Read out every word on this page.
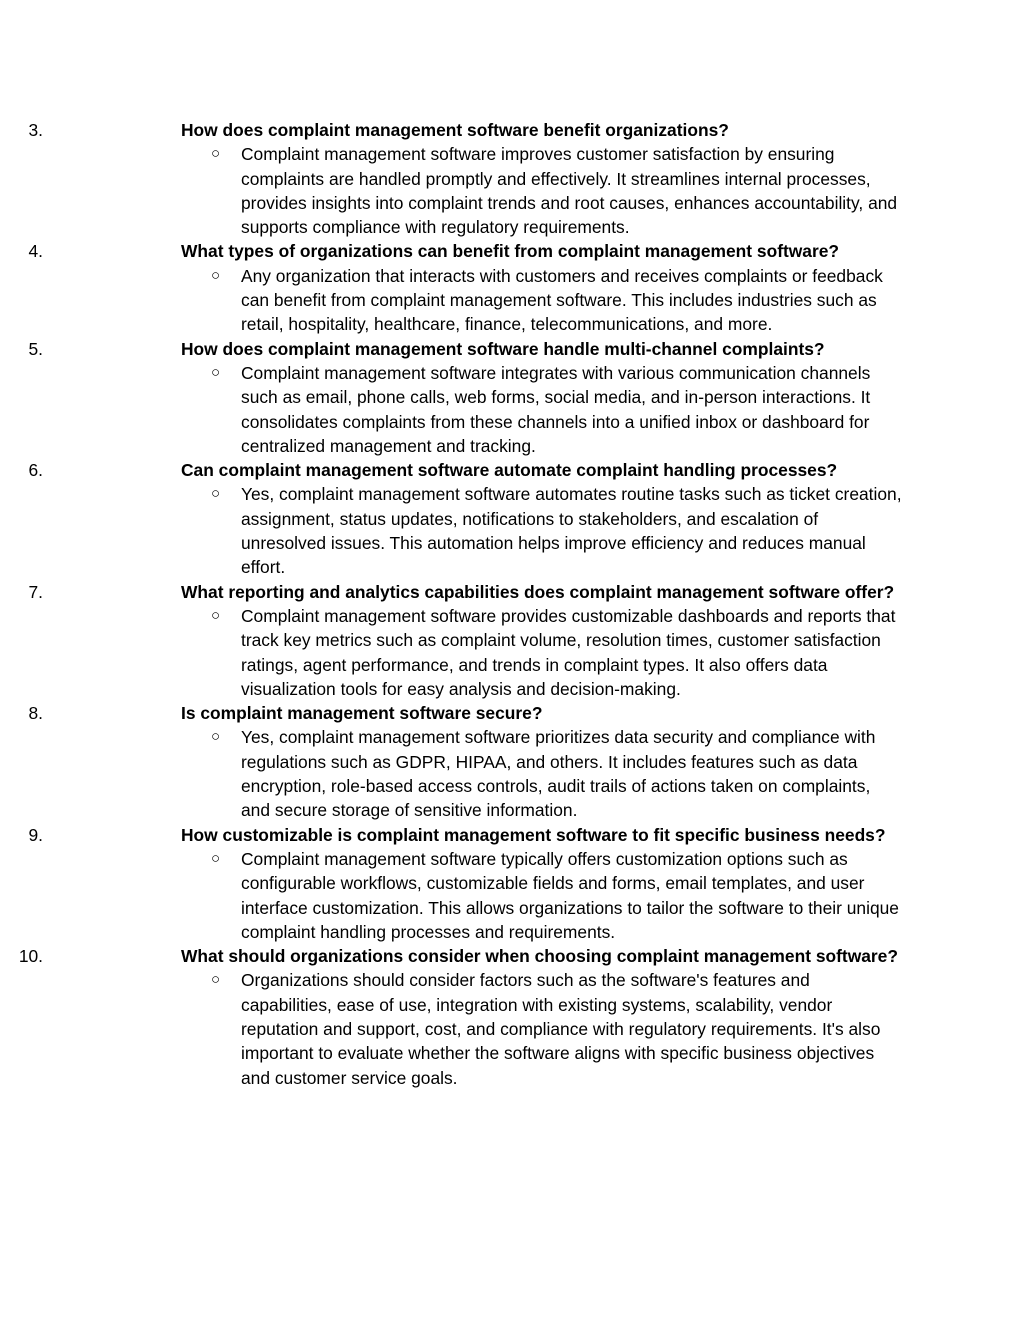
3.	How does complaint management software benefit organizations?
○ Complaint management software improves customer satisfaction by ensuring complaints are handled promptly and effectively. It streamlines internal processes, provides insights into complaint trends and root causes, enhances accountability, and supports compliance with regulatory requirements.
4.	What types of organizations can benefit from complaint management software?
○ Any organization that interacts with customers and receives complaints or feedback can benefit from complaint management software. This includes industries such as retail, hospitality, healthcare, finance, telecommunications, and more.
5.	How does complaint management software handle multi-channel complaints?
○ Complaint management software integrates with various communication channels such as email, phone calls, web forms, social media, and in-person interactions. It consolidates complaints from these channels into a unified inbox or dashboard for centralized management and tracking.
6.	Can complaint management software automate complaint handling processes?
○ Yes, complaint management software automates routine tasks such as ticket creation, assignment, status updates, notifications to stakeholders, and escalation of unresolved issues. This automation helps improve efficiency and reduces manual effort.
7.	What reporting and analytics capabilities does complaint management software offer?
○ Complaint management software provides customizable dashboards and reports that track key metrics such as complaint volume, resolution times, customer satisfaction ratings, agent performance, and trends in complaint types. It also offers data visualization tools for easy analysis and decision-making.
8.	Is complaint management software secure?
○ Yes, complaint management software prioritizes data security and compliance with regulations such as GDPR, HIPAA, and others. It includes features such as data encryption, role-based access controls, audit trails of actions taken on complaints, and secure storage of sensitive information.
9.	How customizable is complaint management software to fit specific business needs?
○ Complaint management software typically offers customization options such as configurable workflows, customizable fields and forms, email templates, and user interface customization. This allows organizations to tailor the software to their unique complaint handling processes and requirements.
10.	What should organizations consider when choosing complaint management software?
○ Organizations should consider factors such as the software's features and capabilities, ease of use, integration with existing systems, scalability, vendor reputation and support, cost, and compliance with regulatory requirements. It's also important to evaluate whether the software aligns with specific business objectives and customer service goals.
